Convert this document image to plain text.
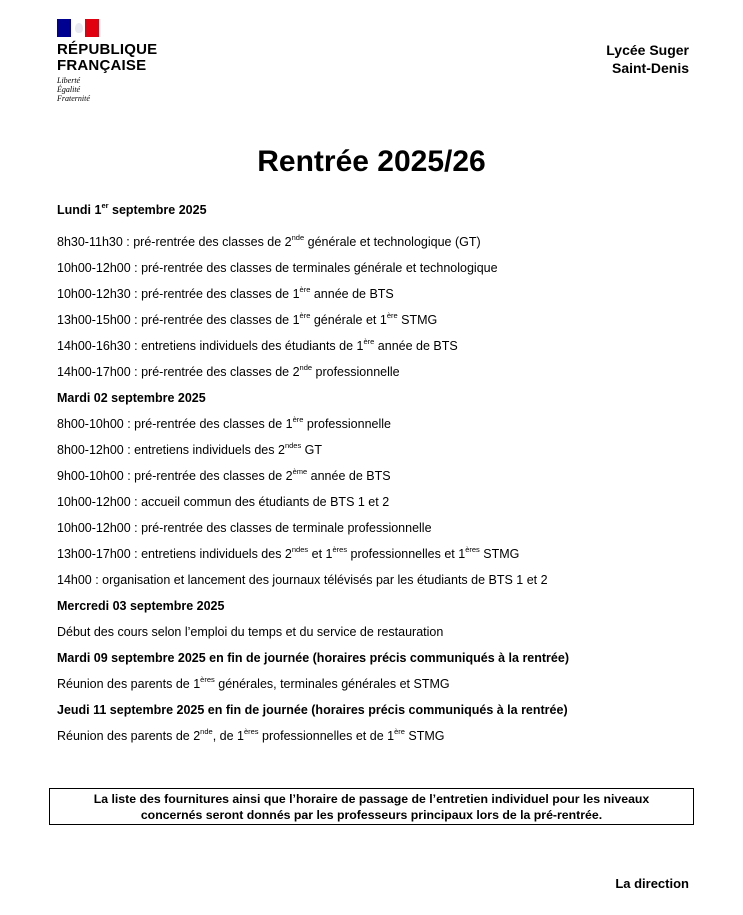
RÉPUBLIQUE
FRANÇAISE
Liberté
Égalité
Fraternité
Lycée Suger
Saint-Denis
Rentrée 2025/26
Lundi 1er septembre 2025
8h30-11h30 : pré-rentrée des classes de 2nde générale et technologique (GT)
10h00-12h00 : pré-rentrée des classes de terminales générale et technologique
10h00-12h30 : pré-rentrée des classes de 1ère année de BTS
13h00-15h00 : pré-rentrée des classes de 1ère générale et 1ère STMG
14h00-16h30 : entretiens individuels des étudiants de 1ère année de BTS
14h00-17h00 : pré-rentrée des classes de 2nde professionnelle
Mardi 02 septembre 2025
8h00-10h00 : pré-rentrée des classes de 1ère professionnelle
8h00-12h00 : entretiens individuels des $2^{ndes}$ GT
9h00-10h00 : pré-rentrée des classes de 2ème année de BTS
10h00-12h00 : accueil commun des étudiants de BTS 1 et 2
10h00-12h00 : pré-rentrée des classes de terminale professionnelle
13h00-17h00 : entretiens individuels des $2^{ndes}$ et 1ères professionnelles et 1ères STMG
14h00 : organisation et lancement des journaux télévisés par les étudiants de BTS 1 et 2
Mercredi 03 septembre 2025
Début des cours selon l’emploi du temps et du service de restauration
Mardi 09 septembre 2025 en fin de journée (horaires précis communiqués à la rentrée)
Réunion des parents de 1ères générales, terminales générales et STMG
Jeudi 11 septembre 2025 en fin de journée (horaires précis communiqués à la rentrée)
Réunion des parents de 2nde, de 1ères professionnelles et de 1ère STMG
La liste des fournitures ainsi que l’horaire de passage de l’entretien individuel pour les niveaux
concernés seront donnés par les professeurs principaux lors de la pré-rentrée.
La direction
